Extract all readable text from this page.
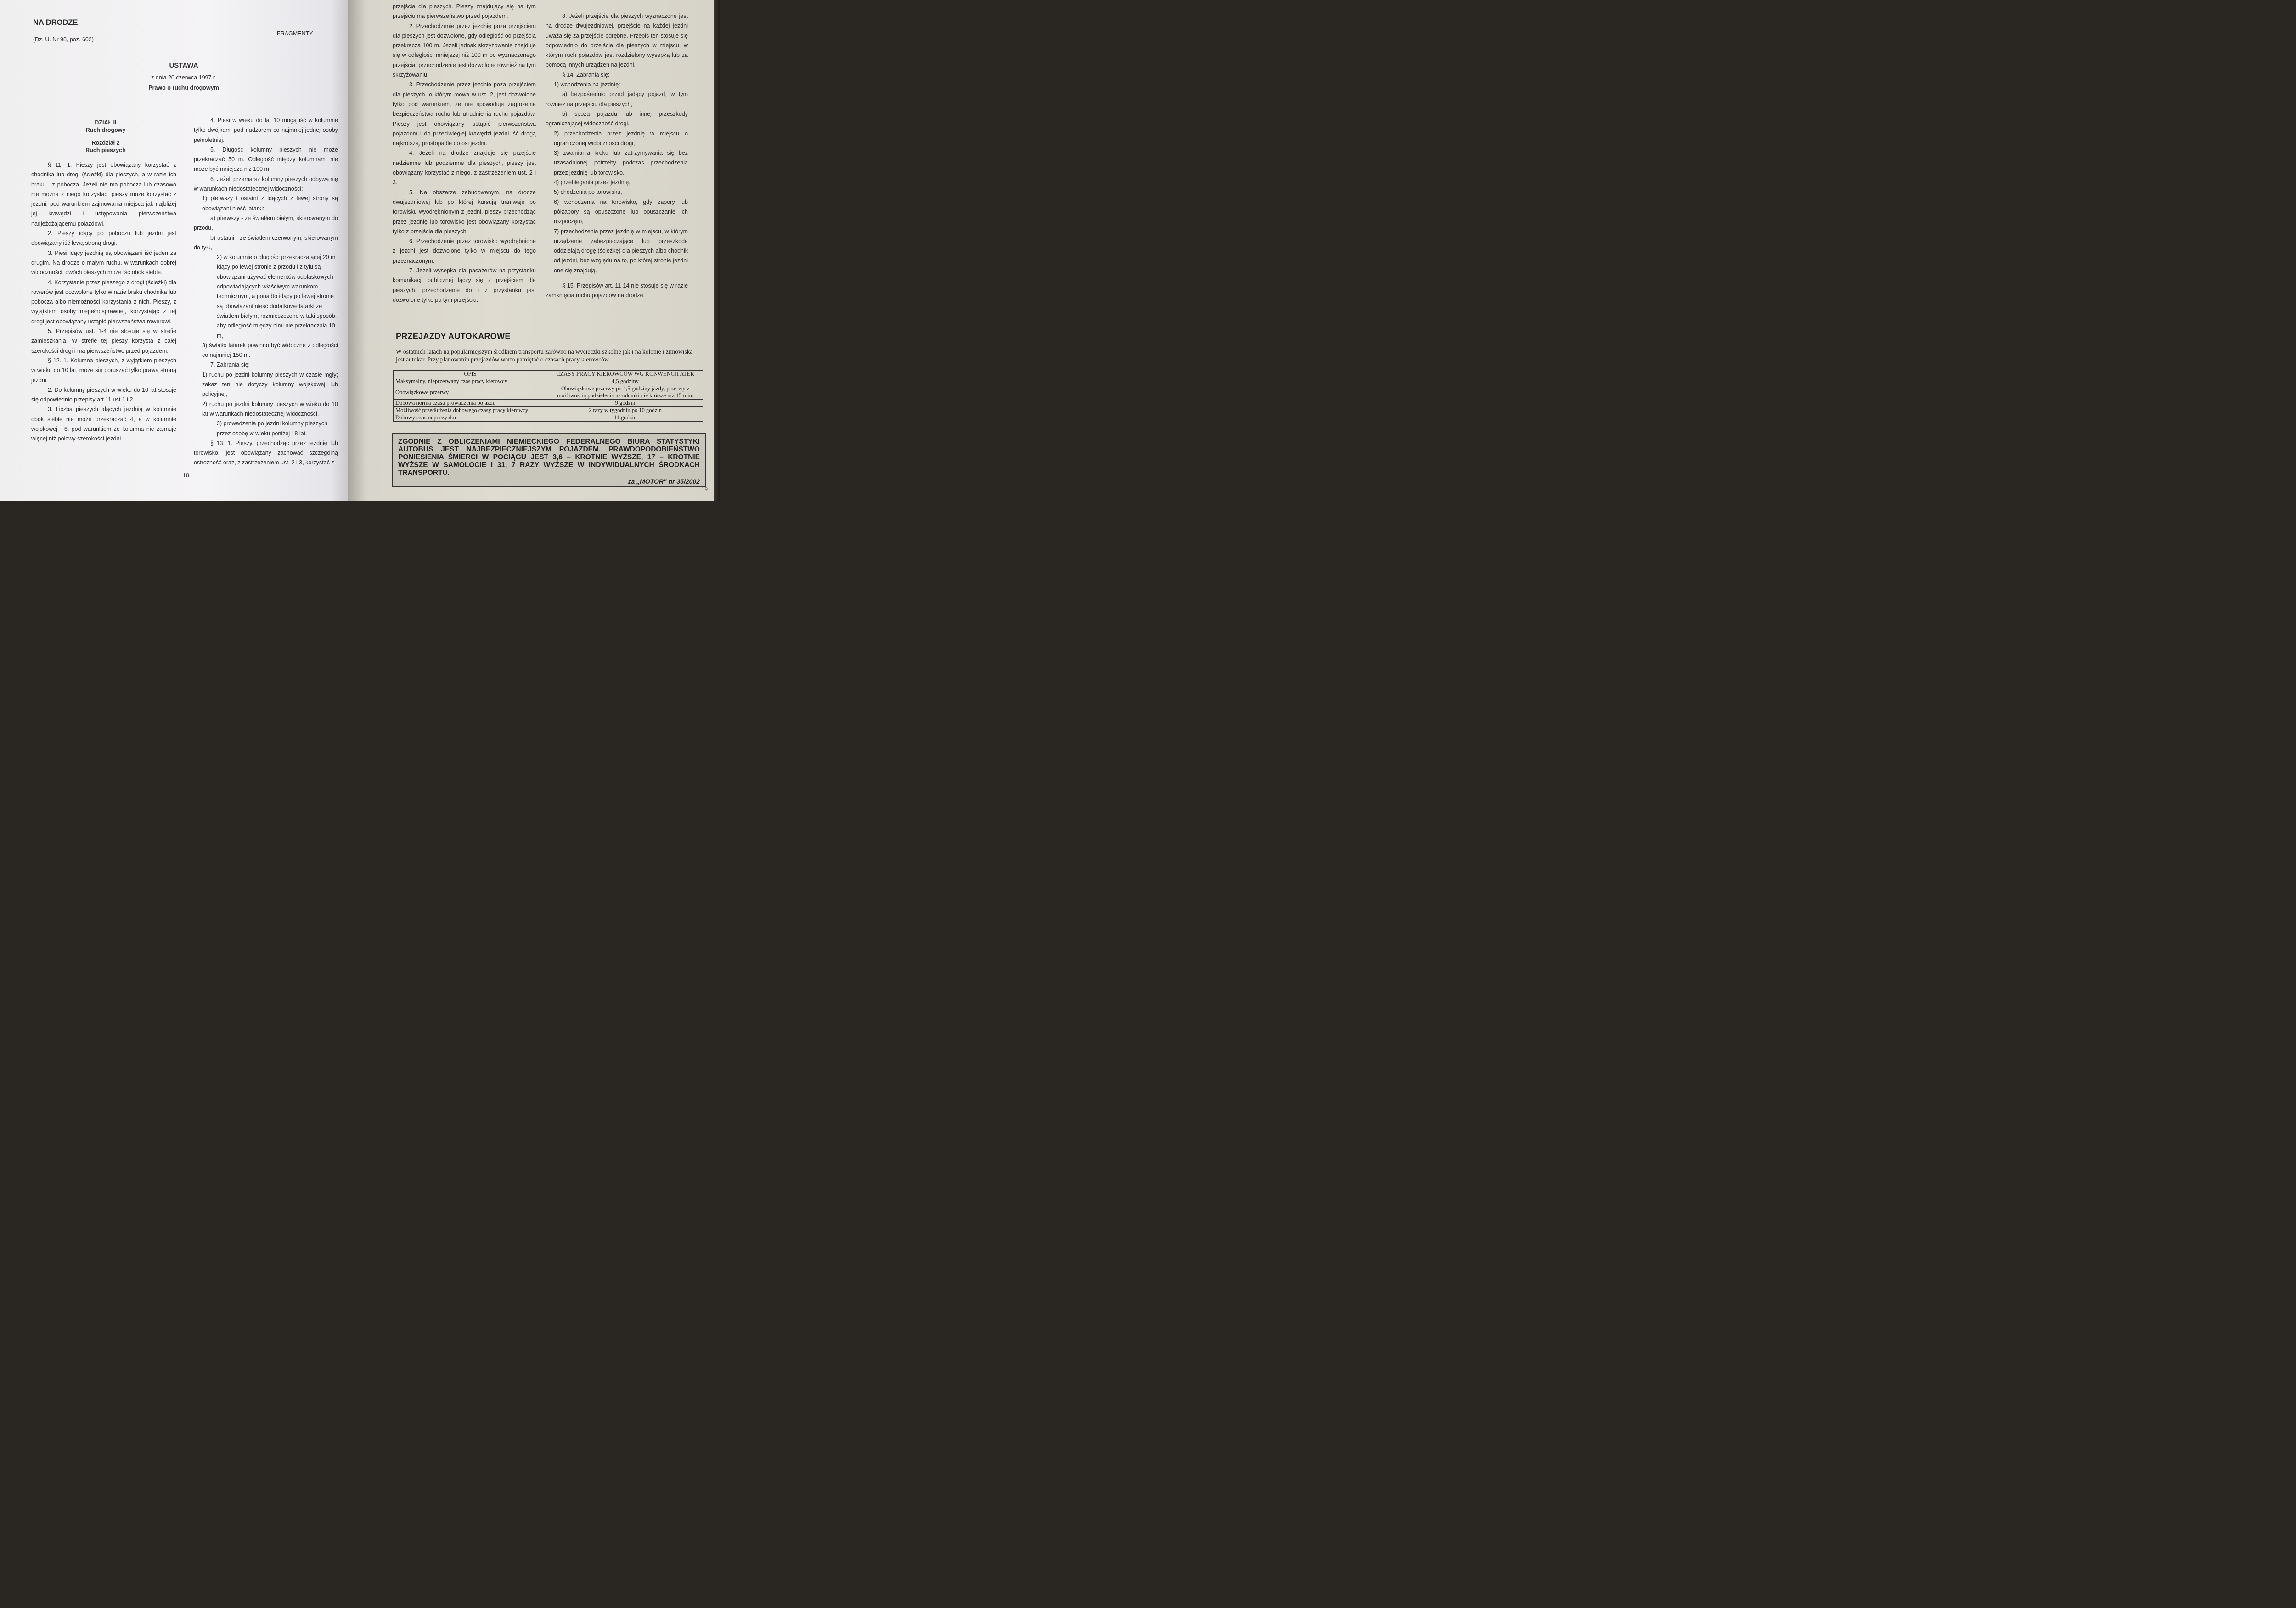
NA DRODZE
(Dz. U. Nr 98, poz. 602)
FRAGMENTY
USTAWA
z dnia 20 czerwca 1997 r.
Prawo o ruchu drogowym
DZIAŁ II
Ruch drogowy
Rozdział 2
Ruch pieszych

§ 11. 1. Pieszy jest obowiązany korzystać z chodnika lub drogi (ścieżki) dla pieszych, a w razie ich braku - z pobocza. Jeżeli nie ma pobocza lub czasowo nie można z niego korzystać, pieszy może korzystać z jezdni, pod warunkiem zajmowania miejsca jak najbliżej jej krawędzi i ustępowania pierwszeństwa nadjeżdżającemu pojazdowi.

2. Pieszy idący po poboczu lub jezdni jest obowiązany iść lewą stroną drogi.

3. Piesi idący jezdnią są obowiązani iść jeden za drugim. Na drodze o małym ruchu, w warunkach dobrej widoczności, dwóch pieszych może iść obok siebie.

4. Korzystanie przez pieszego z drogi (ścieżki) dla rowerów jest dozwolone tylko w razie braku chodnika lub pobocza albo niemożności korzystania z nich. Pieszy, z wyjątkiem osoby niepełnosprawnej, korzystając z tej drogi jest obowiązany ustąpić pierwszeństwa rowerowi.

5. Przepisów ust. 1-4 nie stosuje się w strefie zamieszkania. W strefie tej pieszy korzysta z całej szerokości drogi i ma pierwszeństwo przed pojazdem.

§ 12. 1. Kolumna pieszych, z wyjątkiem pieszych w wieku do 10 lat, może się poruszać tylko prawą stroną jezdni.

2. Do kolumny pieszych w wieku do 10 lat stosuje się odpowiednio przepisy art.11 ust.1 i 2.

3. Liczba pieszych idących jezdnią w kolumnie obok siebie nie może przekraczać 4, a w kolumnie wojskowej - 6, pod warunkiem że kolumna nie zajmuje więcej niż połowy szerokości jezdni.

4. Piesi w wieku do lat 10 mogą iść w kolumnie tylko dwójkami pod nadzorem co najmniej jednej osoby pełnoletniej.

5. Długość kolumny pieszych nie może przekraczać 50 m. Odległość między kolumnami nie może być mniejsza niż 100 m.

6. Jeżeli przemarsz kolumny pieszych odbywa się w warunkach niedostatecznej widoczności:

1) pierwszy i ostatni z idących z lewej strony są obowiązani nieść latarki:

a) pierwszy - ze światłem białym, skierowanym do przodu,

b) ostatni - ze światłem czerwonym, skierowanym do tyłu,

2) w kolumnie o długości przekraczającej 20 m idący po lewej stronie z przodu i z tyłu są obowiązani używać elementów odblaskowych odpowiadających właściwym warunkom technicznym, a ponadto idący po lewej stronie są obowiązani nieść dodatkowe latarki ze światłem białym, rozmieszczone w taki sposób, aby odległość między nimi nie przekraczała 10 m,

3) światło latarek powinno być widoczne z odległości co najmniej 150 m.

7. Zabrania się:

1) ruchu po jezdni kolumny pieszych w czasie mgły; zakaz ten nie dotyczy kolumny wojskowej lub policyjnej,

2) ruchu po jezdni kolumny pieszych w wieku do 10 lat w warunkach niedostatecznej widoczności,

3) prowadzenia po jezdni kolumny pieszych przez osobę w wieku poniżej 18 lat.

§ 13. 1. Pieszy, przechodząc przez jezdnię lub torowisko, jest obowiązany zachować szczególną ostrożność oraz, z zastrzeżeniem ust. 2 i 3, korzystać z

18

przejścia dla pieszych. Pieszy znajdujący się na tym przejściu ma pierwszeństwo przed pojazdem.

2. Przechodzenie przez jezdnię poza przejściem dla pieszych jest dozwolone, gdy odległość od przejścia przekracza 100 m. Jeżeli jednak skrzyżowanie znajduje się w odległości mniejszej niż 100 m od wyznaczonego przejścia, przechodzenie jest dozwolone również na tym skrzyżowaniu.

3. Przechodzenie przez jezdnię poza przejściem dla pieszych, o którym mowa w ust. 2, jest dozwolone tylko pod warunkiem, że nie spowoduje zagrożenia bezpieczeństwa ruchu lub utrudnienia ruchu pojazdów. Pieszy jest obowiązany ustąpić pierwszeństwa pojazdom i do przeciwległej krawędzi jezdni iść drogą najkrótszą, prostopadle do osi jezdni.

4. Jeżeli na drodze znajduje się przejście nadziemne lub podziemne dla pieszych, pieszy jest obowiązany korzystać z niego, z zastrzeżeniem ust. 2 i 3.

5. Na obszarze zabudowanym, na drodze dwujezdniowej lub po której kursują tramwaje po torowisku wyodrębnionym z jezdni, pieszy przechodząc przez jezdnię lub torowisko jest obowiązany korzystać tylko z przejścia dla pieszych.

6. Przechodzenie przez torowisko wyodrębnione z jezdni jest dozwolone tylko w miejscu do tego przeznaczonym.

7. Jeżeli wysepka dla pasażerów na przystanku komunikacji publicznej łączy się z przejściem dla pieszych, przechodzenie do i z przystanku jest dozwolone tylko po tym przejściu.

8. Jeżeli przejście dla pieszych wyznaczone jest na drodze dwujezdniowej, przejście na każdej jezdni uważa się za przejście odrębne. Przepis ten stosuje się odpowiednio do przejścia dla pieszych w miejscu, w którym ruch pojazdów jest rozdzielony wysepką lub za pomocą innych urządzeń na jezdni.

§ 14. Zabrania się:

1) wchodzenia na jezdnię:

a) bezpośrednio przed jadący pojazd, w tym również na przejściu dla pieszych,

b) spoza pojazdu lub innej przeszkody ograniczającej widoczność drogi,

2) przechodzenia przez jezdnię w miejscu o ograniczonej widoczności drogi,

3) zwalniania kroku lub zatrzymywania się bez uzasadnionej potrzeby podczas przechodzenia przez jezdnię lub torowisko,

4) przebiegania przez jezdnię,

5) chodzenia po torowisku,

6) wchodzenia na torowisko, gdy zapory lub półzapory są opuszczone lub opuszczanie ich rozpoczęto,

7) przechodzenia przez jezdnię w miejscu, w którym urządzenie zabezpieczające lub przeszkoda oddzielają drogę (ścieżkę) dla pieszych albo chodnik od jezdni, bez względu na to, po której stronie jezdni one się znajdują.

§ 15. Przepisów art. 11-14 nie stosuje się w razie zamknięcia ruchu pojazdów na drodze.

PRZEJAZDY AUTOKAROWE
W ostatnich latach najpopularniejszym środkiem transportu zarówno na wycieczki szkolne jak i na kolonie i zimowiska jest autokar. Przy planowaniu przejazdów warto pamiętać o czasach pracy kierowców.
OPIS	CZASY PRACY KIEROWCÓW WG KONWENCJI ATER
Maksymalny, nieprzerwany czas pracy kierowcy	4,5 godziny
Obowiązkowe przerwy	Obowiązkowe przerwy po 4,5 godziny jazdy, przerwy z możliwością podzielenia na odcinki nie krótsze niż 15 min.
Dobowa norma czasu prowadzenia pojazdu	9 godzin
Możliwość przedłużenia dobowego czasy pracy kierowcy	2 razy w tygodniu po 10 godzin
Dobowy czas odpoczynku	11 godzin
ZGODNIE Z OBLICZENIAMI NIEMIECKIEGO FEDERALNEGO BIURA STATYSTYKI AUTOBUS JEST NAJBEZPIECZNIEJSZYM POJAZDEM. PRAWDOPODOBIEŃSTWO PONIESIENIA ŚMIERCI W POCIĄGU JEST 3,6 – KROTNIE WYŻSZE, 17 – KROTNIE WYŻSZE W SAMOLOCIE I 31, 7 RAZY WYŻSZE W INDYWIDUALNYCH ŚRODKACH TRANSPORTU.
za „MOTOR" nr 35/2002
19
